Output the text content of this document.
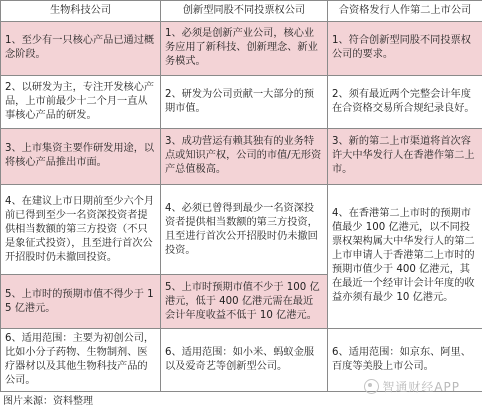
生物科技公司	创新型同股不同投票权公司	合资格发行人作第二上市公司
1、至少有一只核心产品已通过概念阶段。	1、必须是创新产业公司，核心业务应用了新科技、创新理念、新业务模式。	1、符合创新型同股不同投票权公司的要求。
2、以研发为主，专注开发核心产品，上市前最少十二个月一直从事核心产品的研发。	2、研发为公司贡献一大部分的预期市值。	2、须有最近两个完整会计年度在合资格交易所合规纪录良好。
3、上市集资主要作研发用途，以将核心产品推出市面。	3、成功营运有赖其独有的业务特点或知识产权，公司的市值/无形资产总值极高。	3、新的第二上市渠道将首次容许大中华发行人在香港作第二上市。
4、在建议上市日期前至少六个月前已得到至少一名资深投资者提供相当数额的第三方投资（不只是象征式投资），且至进行首次公开招股时仍未撤回投资。	4、必须已曾得到最少一名资深投资者提供相当数额的第三方投资，且至进行首次公开招股时仍未撤回投资。	4、在香港第二上市时的预期市值最少 100 亿港元，以不同投票权架构属大中华发行人的第二上市申请人于香港第二上市时的预期市值少于 400 亿港元，其在最近一个经审计会计年度的收益亦须有最少 10 亿港元。
5、上市时的预期市值不得少于 15 亿港元。	5、上市时预期市值不少于 100 亿港元，低于 400 亿港元需在最近会计年度收益不低于 10 亿港元。	
6、适用范围：主要为初创公司，比如小分子药物、生物制剂、医疗器材以及其他生物科技产品的公司。	6、适用范围：如小米、蚂蚁金服以及爱奇艺等创新型公司。	6、适用范围：如京东、阿里、百度等美股上市公司。
智通财经APP
图片来源：资料整理
